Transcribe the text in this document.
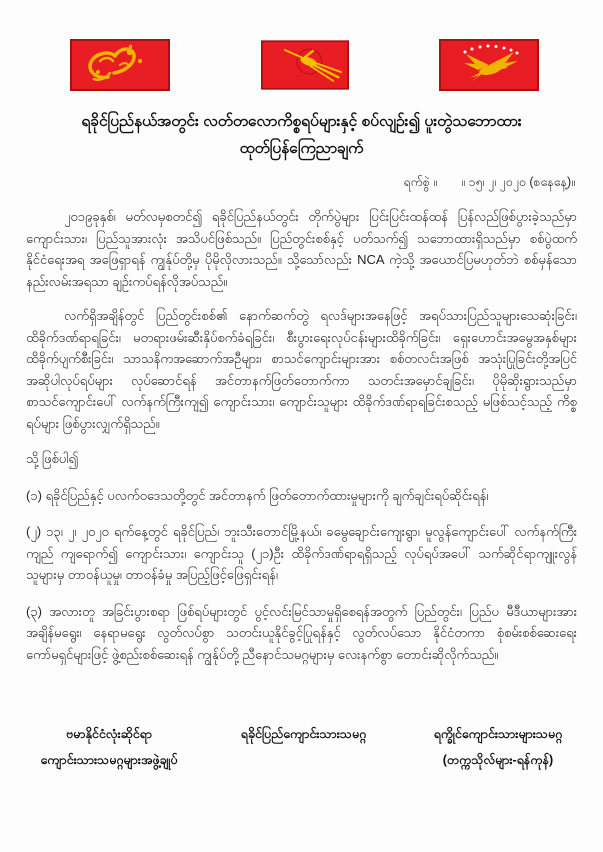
ရခိုင်ပြည်နယ်အတွင်း လတ်တလောကိစ္စရပ်များနှင့် စပ်လျဉ်း၍ ပူးတွဲသဘောထား
ထုတ်ပြန်ကြေညာချက်
ရက်စွဲ ။ ။ ၁၅၊ ၂၊ ၂၀၂၀ (စနေနေ့)။

၂၀၁၉ခုနှစ်၊ မတ်လမှစတင်၍ ရခိုင်ပြည်နယ်တွင်း တိုက်ပွဲများ ပြင်းပြင်းထန်ထန် ပြန်လည်ဖြစ်ပွားခဲ့သည်မှာ ကျောင်းသား၊ ပြည်သူအားလုံး အသိပင်ဖြစ်သည်။ ပြည်တွင်းစစ်နှင့် ပတ်သက်၍ သဘောထားရှိသည်မှာ စစ်ပွဲထက် နိုင်ငံရေးအရ အဖြေရှာရန် ကျွန်ုပ်တို့မှ ပိုမိုလိုလားသည်။ သို့သော်လည်း NCA ကဲ့သို့ အယောင်ပြမဟုတ်ဘဲ စစ်မှန်သော နည်းလမ်းအရသာ ချဉ်းကပ်ရန်လိုအပ်သည်။

လက်ရှိအချိန်တွင် ပြည်တွင်းစစ်၏ နောက်ဆက်တွဲ ရလဒ်များအနေဖြင့် အရပ်သားပြည်သူများသေဆုံးခြင်း၊ ထိခိုက်ဒဏ်ရာရခြင်း၊ မတရားဖမ်းဆီးနှိပ်စက်ခံရခြင်း၊ စီးပွားရေးလုပ်ငန်းများထိခိုက်ခြင်း၊ ရှေးဟောင်းအမွေအနှစ်များ ထိခိုက်ပျက်စီးခြင်း၊ သာသနိကအဆောက်အဦများ၊ စာသင်ကျောင်းများအား စစ်တလင်းအဖြစ် အသုံးပြုခြင်းတို့အပြင် အဆိုပါလုပ်ရပ်များ လုပ်ဆောင်ရန် အင်တာနက်ဖြတ်တောက်ကာ သတင်းအမှောင်ချခြင်း၊ ပိုမိုဆိုးရွားသည်မှာ စာသင်ကျောင်းပေါ် လက်နက်ကြီးကျ၍ ကျောင်းသား၊ ကျောင်းသူများ ထိခိုက်ဒဏ်ရာရခြင်းစသည့် မဖြစ်သင့်သည့် ကိစ္စရပ်များ ဖြစ်ပွားလျှက်ရှိသည်။

သို့ဖြစ်ပါ၍

(၁) ရခိုင်ပြည်နှင့် ပလက်ဝဒေသတို့တွင် အင်တာနက် ဖြတ်တောက်ထားမှုများကို ချက်ချင်းရပ်ဆိုင်းရန်၊

(၂) ၁၃၊ ၂၊ ၂၀၂၀ ရက်နေ့တွင် ရခိုင်ပြည်၊ ဘူးသီးတောင်မြို့နယ်၊ ခမွေချောင်းကျေးရွာ၊ မူလွန်ကျောင်းပေါ် လက်နက်ကြီးကျည် ကျရောက်၍ ကျောင်းသား၊ ကျောင်းသူ (၂၁)ဦး ထိခိုက်ဒဏ်ရာရရှိသည့် လုပ်ရပ်အပေါ် သက်ဆိုင်ရာကျူးလွန်သူများမှ တာဝန်ယူမှု၊ တာဝန်ခံမှု အပြည့်ဖြင့်ဖြေရှင်းရန်၊

(၃) အလားတူ အခြင်းပွားစရာ ဖြစ်ရပ်များတွင် ပွင့်လင်းမြင်သာမှုရှိစေရန်အတွက် ပြည်တွင်း၊ ပြည်ပ မီဒီယာများအား အချိန်မရွေး၊ နေရာမရွေး လွတ်လပ်စွာ သတင်းယူနိုင်ခွင့်ပြုရန်နှင့် လွတ်လပ်သော နိုင်ငံတကာ စုံစမ်းစစ်ဆေးရေး ကော်မရှင်များဖြင့် ဖွဲ့စည်းစစ်ဆေးရန် ကျွန်ုပ်တို့ ညီနောင်သမဂ္ဂများမှ လေးနက်စွာ တောင်းဆိုလိုက်သည်။

ဗမာနိုင်ငံလုံးဆိုင်ရာ
ကျောင်းသားသမဂ္ဂများအဖွဲ့ချုပ်
ရခိုင်ပြည်ကျောင်းသားသမဂ္ဂ	ရက္ခိုင်ကျောင်းသားများသမဂ္ဂ
(တက္ကသိုလ်များ-ရန်ကုန်)
